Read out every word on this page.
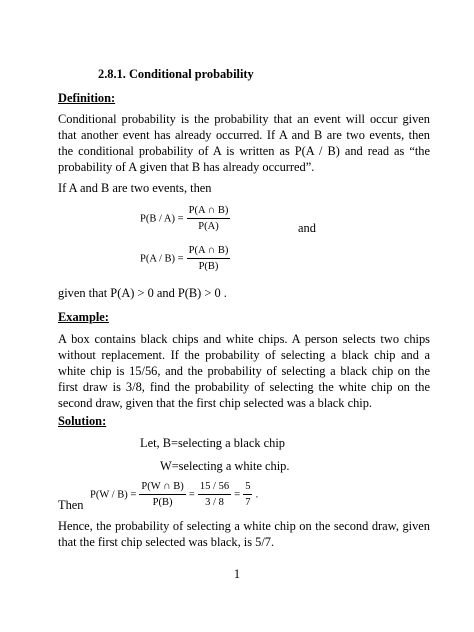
2.8.1. Conditional probability
Definition:
Conditional probability is the probability that an event will occur given that another event has already occurred. If A and B are two events, then the conditional probability of A is written as P(A / B) and read as “the probability of A given that B has already occurred”.
If A and B are two events, then
$P(B / A) = \frac{P(A \cap B)}{P(A)}$	and
$P(A / B) = \frac{P(A \cap B)}{P(B)}$
given that P(A) > 0 and P(B) > 0 .
Example:
A box contains black chips and white chips. A person selects two chips without replacement. If the probability of selecting a black chip and a white chip is 15/56, and the probability of selecting a black chip on the first draw is 3/8, find the probability of selecting the white chip on the second draw, given that the first chip selected was a black chip.
Solution:
Let, B=selecting a black chip
W=selecting a white chip.
Then
$P(W / B) = \frac{P(W \cap B)}{P(B)} = \frac{15 / 56}{3 / 8} = \frac{5}{7}$ .
Hence, the probability of selecting a white chip on the second draw, given that the first chip selected was black, is 5/7.
1
